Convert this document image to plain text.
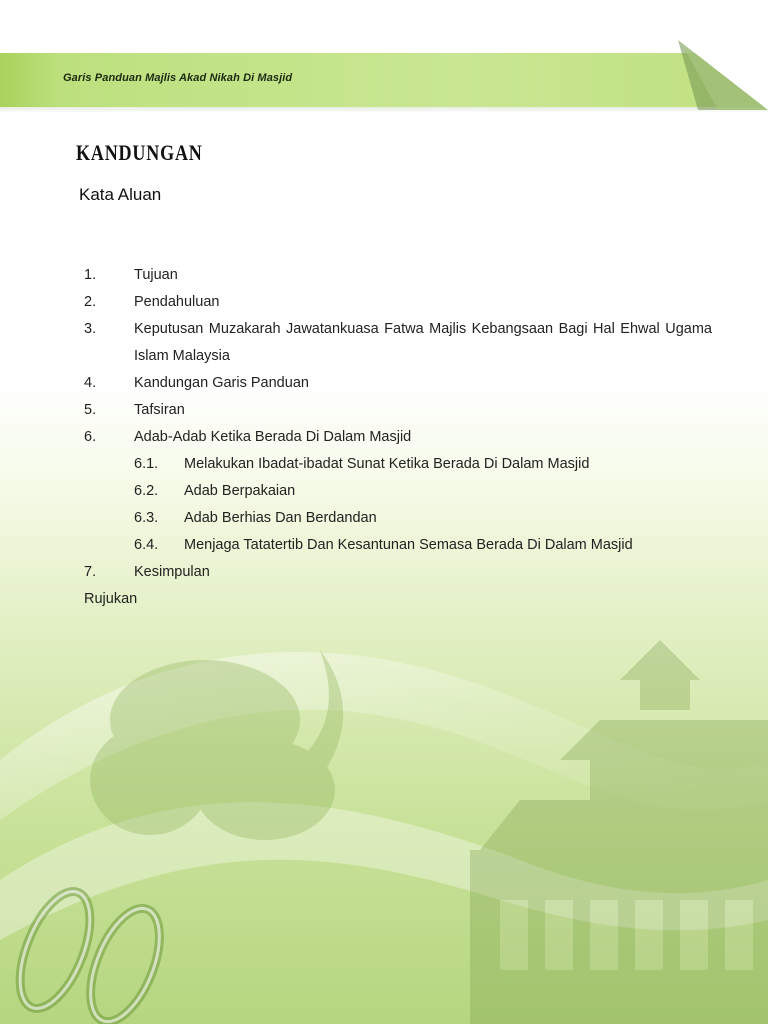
Garis Panduan Majlis Akad Nikah Di Masjid
KANDUNGAN
Kata Aluan
1.	Tujuan
2.	Pendahuluan
3.	Keputusan Muzakarah Jawatankuasa Fatwa Majlis Kebangsaan Bagi Hal Ehwal Ugama Islam Malaysia
4.	Kandungan Garis Panduan
5.	Tafsiran
6.	Adab-Adab Ketika Berada Di Dalam Masjid
6.1.	Melakukan Ibadat-ibadat Sunat Ketika Berada Di Dalam Masjid
6.2.	Adab Berpakaian
6.3.	Adab Berhias Dan Berdandan
6.4.	Menjaga Tatatertib Dan Kesantunan Semasa Berada Di Dalam Masjid
7.	Kesimpulan
Rujukan
